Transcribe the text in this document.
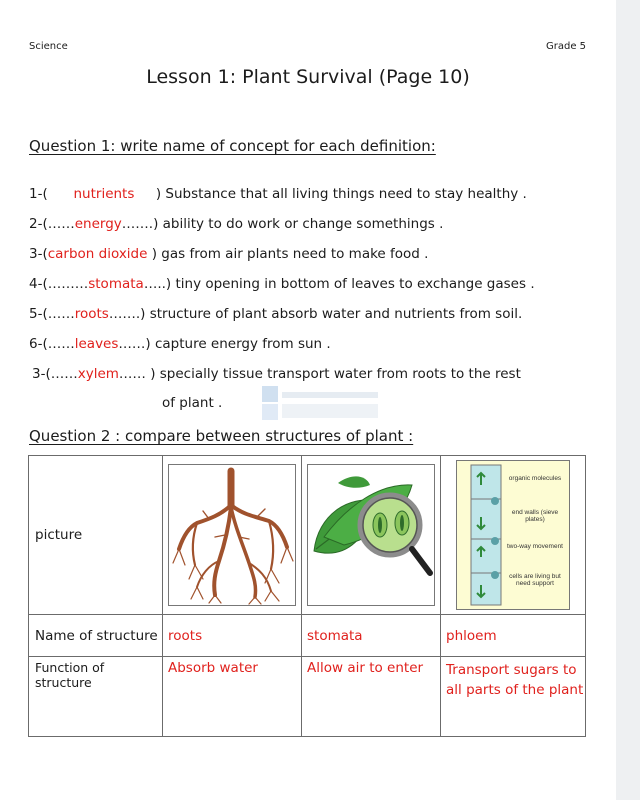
Science	Grade 5
Lesson 1: Plant Survival (Page 10)
Question 1: write name of concept for each definition:
1-(      nutrients ) Substance that all living things need to stay healthy .
2-(……energy…….) ability to do work or change somethings .
3-(carbon dioxide ) gas from air plants need to make food .
4-(………stomata…..) tiny opening in bottom of leaves to exchange gases .
5-(……roots…….) structure of plant absorb water and nutrients from soil.
6-(……leaves……) capture energy from sun .
3-(……xylem…… ) specially tissue transport water from roots to the rest
of plant .
Question 2 : compare between structures of plant :
picture			organic molecules
end walls (sieve plates)
two-way movement
cells are living but need support

Name of structure	roots	stomata	phloem
Function of structure	Absorb water	Allow air to enter	Transport sugars to all parts of the plant
